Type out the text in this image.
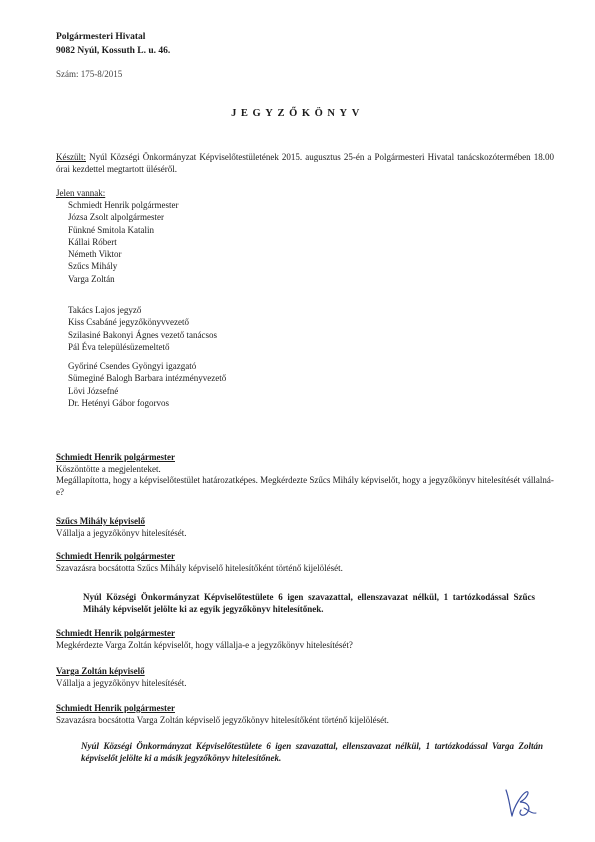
Polgármesteri Hivatal
9082 Nyúl, Kossuth L. u. 46.
Szám: 175-8/2015
JEGYZŐKÖNYV
Készült: Nyúl Községi Önkormányzat Képviselőtestületének 2015. augusztus 25-én a Polgármesteri Hivatal tanácskozótermében 18.00 órai kezdettel megtartott üléséről.
Jelen vannak:
Schmiedt Henrik polgármester
Józsa Zsolt alpolgármester
Fünkné Smitola Katalin
Kállai Róbert
Németh Viktor
Szűcs Mihály
Varga Zoltán
Takács Lajos jegyző
Kiss Csabáné jegyzőkönyvvezető
Szilasiné Bakonyi Ágnes vezető tanácsos
Pál Éva településüzemeltető
Győriné Csendes Gyöngyi igazgató
Sümeginé Balogh Barbara intézményvezető
Lövi Józsefné
Dr. Hetényi Gábor fogorvos
Schmiedt Henrik polgármester
Köszöntötte a megjelenteket.
Megállapította, hogy a képviselőtestület határozatképes. Megkérdezte Szűcs Mihály képviselőt, hogy a jegyzőkönyv hitelesítését vállalná-e?
Szűcs Mihály képviselő
Vállalja a jegyzőkönyv hitelesítését.
Schmiedt Henrik polgármester
Szavazásra bocsátotta Szűcs Mihály képviselő hitelesítőként történő kijelölését.
Nyúl Községi Önkormányzat Képviselőtestülete 6 igen szavazattal, ellenszavazat nélkül, 1 tartózkodással Szűcs Mihály képviselőt jelölte ki az egyik jegyzőkönyv hitelesítőnek.
Schmiedt Henrik polgármester
Megkérdezte Varga Zoltán képviselőt, hogy vállalja-e a jegyzőkönyv hitelesítését?
Varga Zoltán képviselő
Vállalja a jegyzőkönyv hitelesítését.
Schmiedt Henrik polgármester
Szavazásra bocsátotta Varga Zoltán képviselő jegyzőkönyv hitelesítőként történő kijelölését.
Nyúl Községi Önkormányzat Képviselőtestülete 6 igen szavazattal, ellenszavazat nélkül, 1 tartózkodással Varga Zoltán képviselőt jelölte ki a másik jegyzőkönyv hitelesítőnek.
